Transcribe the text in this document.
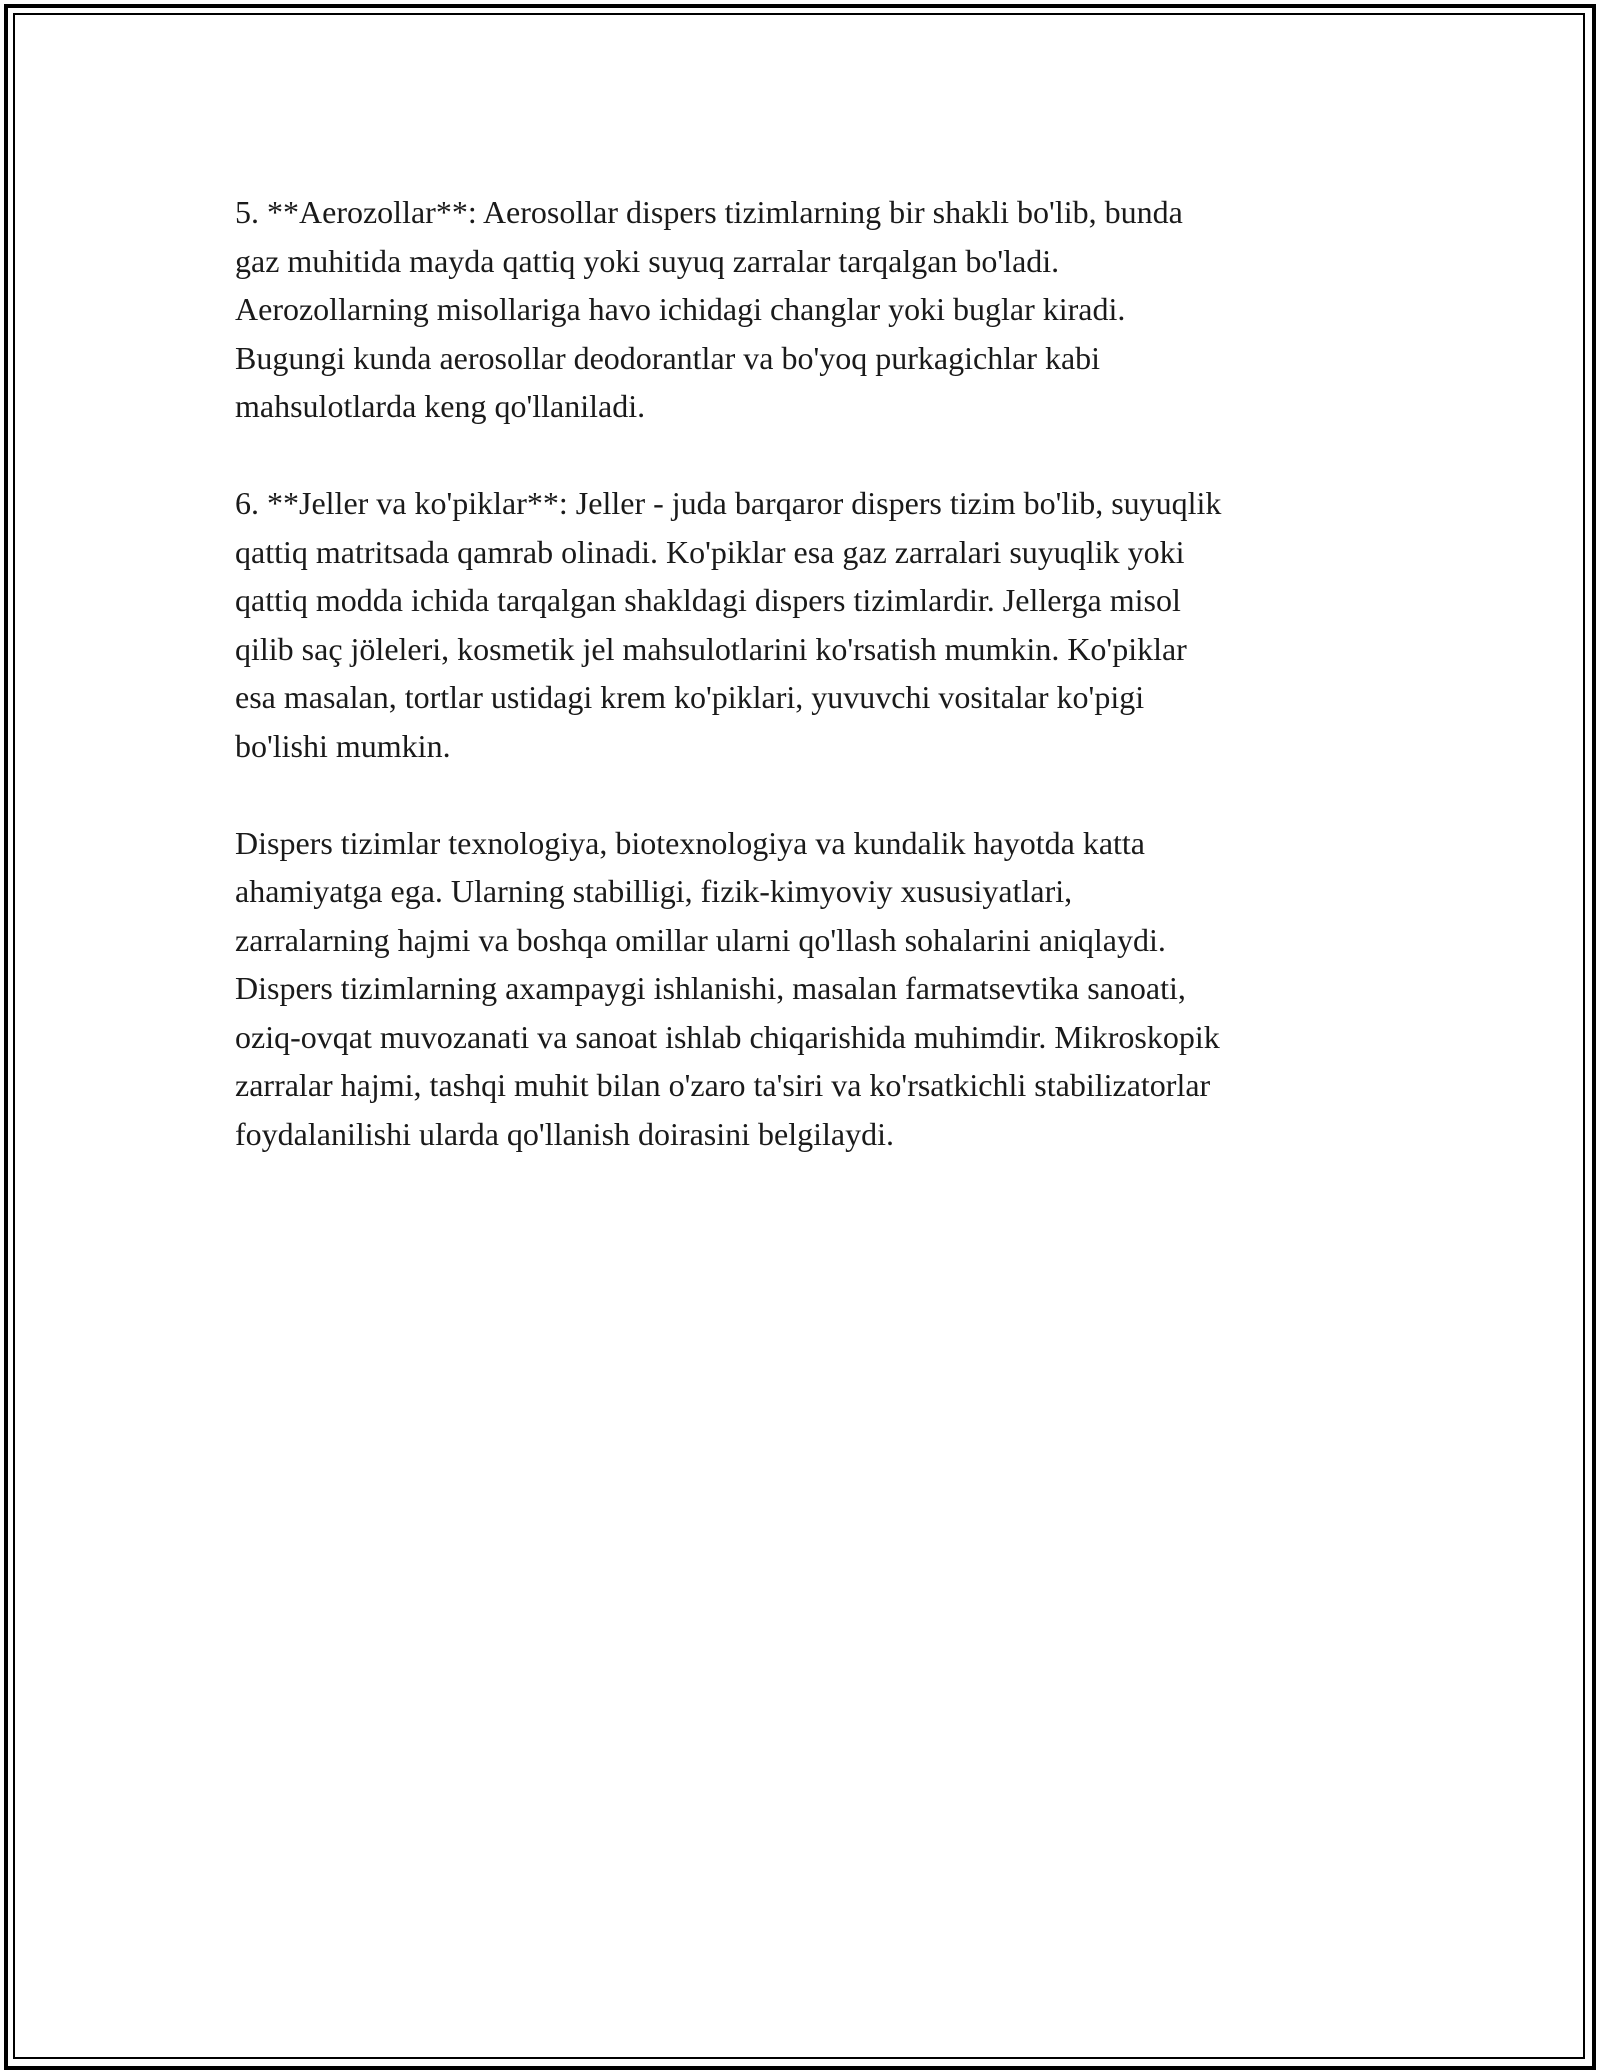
5. **Aerozollar**: Aerosollar dispers tizimlarning bir shakli bo'lib, bunda
gaz muhitida mayda qattiq yoki suyuq zarralar tarqalgan bo'ladi.
Aerozollarning misollariga havo ichidagi changlar yoki buglar kiradi.
Bugungi kunda aerosollar deodorantlar va bo'yoq purkagichlar kabi
mahsulotlarda keng qo'llaniladi.

6. **Jeller va ko'piklar**: Jeller - juda barqaror dispers tizim bo'lib, suyuqlik
qattiq matritsada qamrab olinadi. Ko'piklar esa gaz zarralari suyuqlik yoki
qattiq modda ichida tarqalgan shakldagi dispers tizimlardir. Jellerga misol
qilib saç jöleleri, kosmetik jel mahsulotlarini ko'rsatish mumkin. Ko'piklar
esa masalan, tortlar ustidagi krem ko'piklari, yuvuvchi vositalar ko'pigi
bo'lishi mumkin.

Dispers tizimlar texnologiya, biotexnologiya va kundalik hayotda katta
ahamiyatga ega. Ularning stabilligi, fizik-kimyoviy xususiyatlari,
zarralarning hajmi va boshqa omillar ularni qo'llash sohalarini aniqlaydi.
Dispers tizimlarning axampaygi ishlanishi, masalan farmatsevtika sanoati,
oziq-ovqat muvozanati va sanoat ishlab chiqarishida muhimdir. Mikroskopik
zarralar hajmi, tashqi muhit bilan o'zaro ta'siri va ko'rsatkichli stabilizatorlar
foydalanilishi ularda qo'llanish doirasini belgilaydi.
